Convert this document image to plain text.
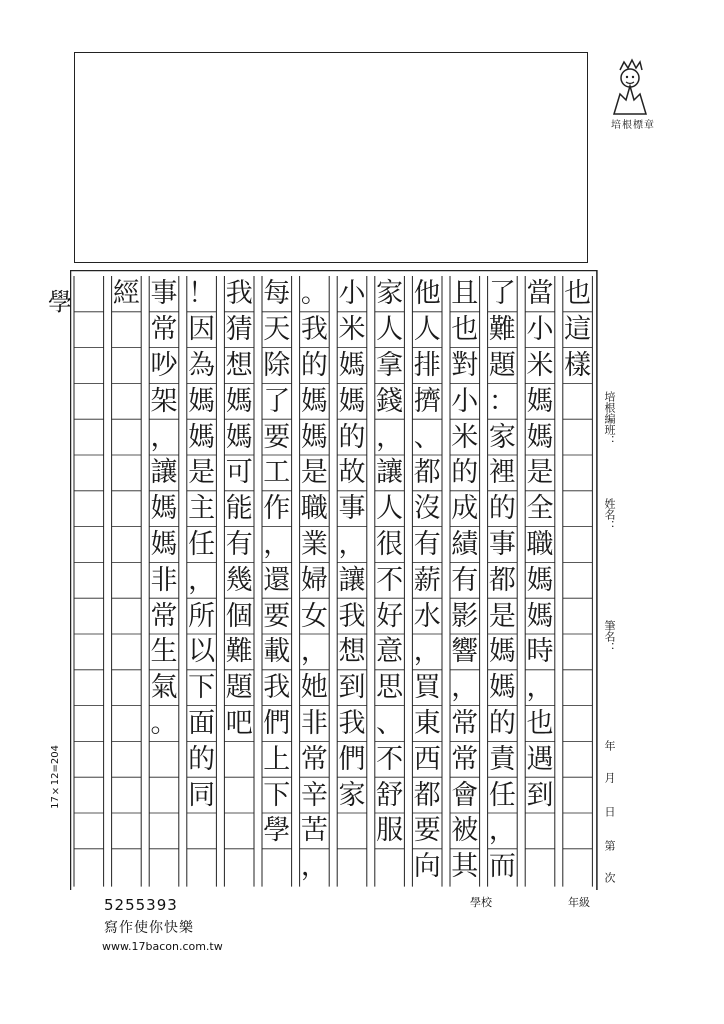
培根標章
也
這
樣
當
小
米
媽
媽
是
全
職
媽
媽
時
，
也
遇
到
了
難
題
：
家
裡
的
事
都
是
媽
媽
的
責
任
，
而
且
也
對
小
米
的
成
績
有
影
響
，
常
常
會
被
其
他
人
排
擠
、
都
沒
有
薪
水
，
買
東
西
都
要
向
家
人
拿
錢
，
讓
人
很
不
好
意
思
、
不
舒
服
小
米
媽
媽
的
故
事
，
讓
我
想
到
我
們
家
。
我
的
媽
媽
是
職
業
婦
女
，
她
非
常
辛
苦
，
每
天
除
了
要
工
作
，
還
要
載
我
們
上
下
學
我
猜
想
媽
媽
可
能
有
幾
個
難
題
吧
！
因
為
媽
媽
是
主
任
，
所
以
下
面
的
同
事
常
吵
架
，
讓
媽
媽
非
常
生
氣
。
經
培根編班：
姓名：
筆名：
年
月
日
第
次
學校	年級
學
17×12=204
5255393
寫作使你快樂
www.17bacon.com.tw
